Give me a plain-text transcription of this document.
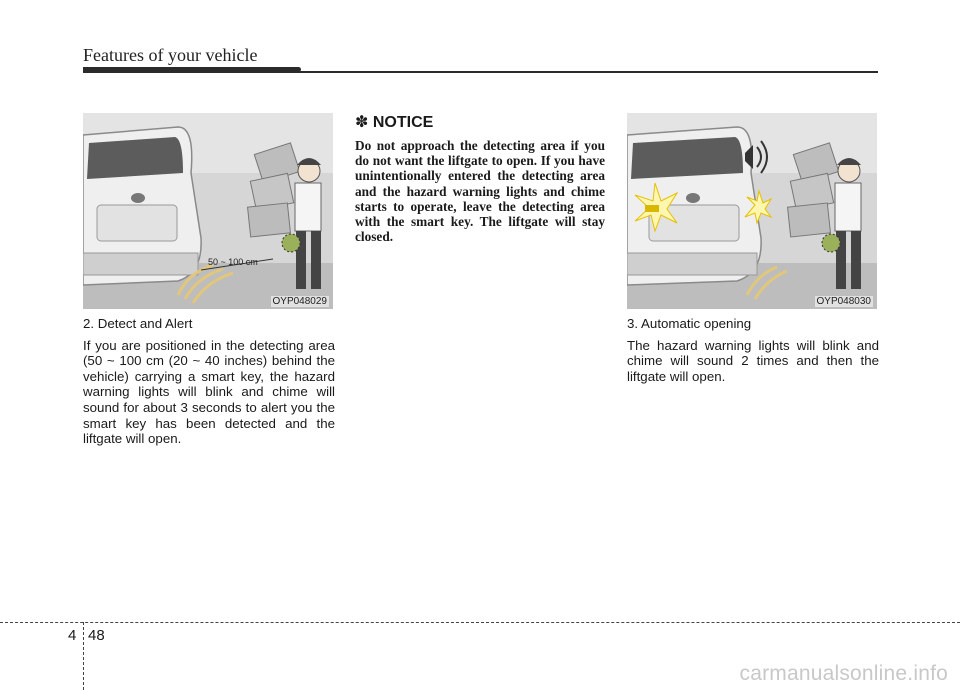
Features of your vehicle
50 ~ 100 cm
OYP048029
✽ NOTICE

Do not approach the detecting area if you do not want the liftgate to open. If you have unintentionally entered the detecting area and the hazard warning lights and chime starts to operate, leave the detecting area with the smart key. The liftgate will stay closed.

OYP048030

2. Detect and Alert

If you are positioned in the detecting area (50 ~ 100 cm (20 ~ 40 inches) behind the vehicle) carrying a smart key, the hazard warning lights will blink and chime will sound for about 3 seconds to alert you the smart key has been detected and the liftgate will open.

3. Automatic opening

The hazard warning lights will blink and chime will sound 2 times and then the liftgate will open.

4 48
carmanualsonline.info
